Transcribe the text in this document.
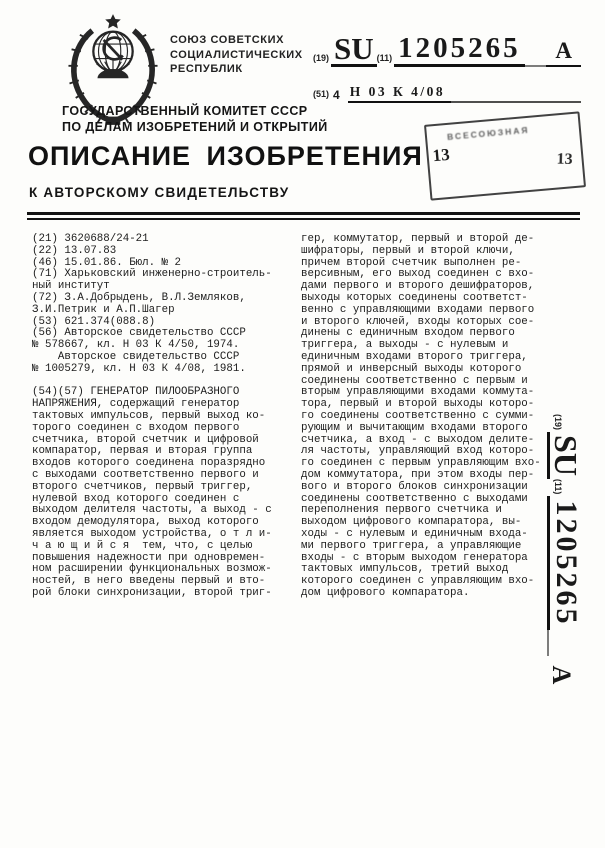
СОЮЗ СОВЕТСКИХ
СОЦИАЛИСТИЧЕСКИХ
РЕСПУБЛИК
ГОСУДАРСТВЕННЫЙ КОМИТЕТ СССР
ПО ДЕЛАМ ИЗОБРЕТЕНИЙ И ОТКРЫТИЙ
(19) SU (11) 1205265	A
(51) 4 Н 03 К 4/08
ОПИСАНИЕ ИЗОБРЕТЕНИЯ
К АВТОРСКОМУ СВИДЕТЕЛЬСТВУ
ВСЕСОЮЗНАЯ
13	13
(21) 3620688/24-21
(22) 13.07.83
(46) 15.01.86. Бюл. № 2
(71) Харьковский инженерно-строитель-
ный институт
(72) З.А.Добрыдень, В.Л.Земляков,
З.И.Петрик и А.П.Шагер
(53) 621.374(088.8)
(56) Авторское свидетельство СССР
№ 578667, кл. Н 03 К 4/50, 1974.
Авторское свидетельство СССР
№ 1005279, кл. Н 03 К 4/08, 1981.

(54)(57) ГЕНЕРАТОР ПИЛООБРАЗНОГО
НАПРЯЖЕНИЯ, содержащий генератор
тактовых импульсов, первый выход ко-
торого соединен с входом первого
счетчика, второй счетчик и цифровой
компаратор, первая и вторая группа
входов которого соединена поразрядно
с выходами соответственно первого и
второго счетчиков, первый триггер,
нулевой вход которого соединен с
выходом делителя частоты, а выход - с
входом демодулятора, выход которого
является выходом устройства, о т л и-
ч а ю щ и й с я  тем, что, с целью
повышения надежности при одновремен-
ном расширении функциональных возмож-
ностей, в него введены первый и вто-
рой блоки синхронизации, второй триг-
гер, коммутатор, первый и второй де-
шифраторы, первый и второй ключи,
причем второй счетчик выполнен ре-
версивным, его выход соединен с вхо-
дами первого и второго дешифраторов,
выходы которых соединены соответст-
венно с управляющими входами первого
и второго ключей, входы которых сое-
динены с единичным входом первого
триггера, а выходы - с нулевым и
единичным входами второго триггера,
прямой и инверсный выходы которого
соединены соответственно с первым и
вторым управляющими входами коммута-
тора, первый и второй выходы которо-
го соединены соответственно с сумми-
рующим и вычитающим входами второго
счетчика, а вход - с выходом делите-
ля частоты, управляющий вход которо-
го соединен с первым управляющим вхо-
дом коммутатора, при этом входы пер-
вого и второго блоков синхронизации
соединены соответственно с выходами
переполнения первого счетчика и
выходом цифрового компаратора, вы-
ходы - с нулевым и единичным входа-
ми первого триггера, а управляющие
входы - с вторым выходом генератора
тактовых импульсов, третий выход
которого соединен с управляющим вхо-
дом цифрового компаратора.
(19)
SU
(11)
1205265
A
